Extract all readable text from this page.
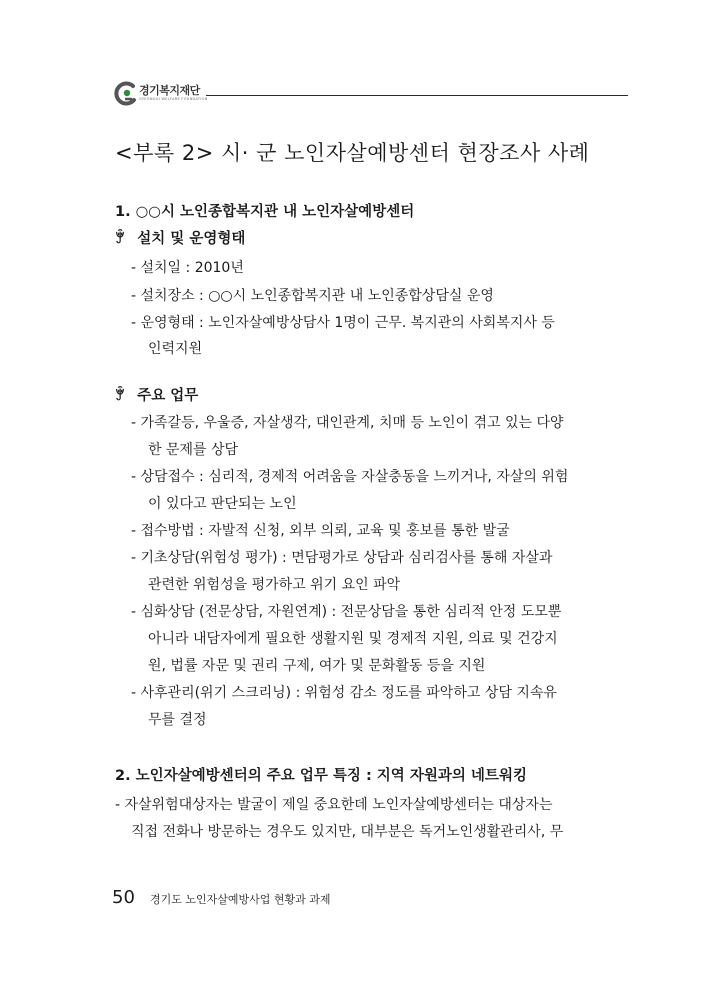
경기복지재단
GYEONGGI WELFARE FOUNDATION
<부록 2> 시· 군 노인자살예방센터 현장조사 사례
1. ○○시 노인종합복지관 내 노인자살예방센터
ꂕ 설치 및 운영형태
- 설치일 : 2010년
- 설치장소 : ○○시 노인종합복지관 내 노인종합상담실 운영
- 운영형태 : 노인자살예방상담사 1명이 근무. 복지관의 사회복지사 등
인력지원
ꂕ 주요 업무
- 가족갈등, 우울증, 자살생각, 대인관계, 치매 등 노인이 겪고 있는 다양
한 문제를 상담
- 상담접수 : 심리적, 경제적 어려움을 자살충동을 느끼거나, 자살의 위험
이 있다고 판단되는 노인
- 접수방법 : 자발적 신청, 외부 의뢰, 교육 및 홍보를 통한 발굴
- 기초상담(위험성 평가) : 면담평가로 상담과 심리검사를 통해 자살과
관련한 위험성을 평가하고 위기 요인 파악
- 심화상담 (전문상담, 자원연계) : 전문상담을 통한 심리적 안정 도모뿐
아니라 내담자에게 필요한 생활지원 및 경제적 지원, 의료 및 건강지
원, 법률 자문 및 권리 구제, 여가 및 문화활동 등을 지원
- 사후관리(위기 스크리닝) : 위험성 감소 정도를 파악하고 상담 지속유
무를 결정
2. 노인자살예방센터의 주요 업무 특징 : 지역 자원과의 네트워킹
- 자살위험대상자는 발굴이 제일 중요한데 노인자살예방센터는 대상자는
직접 전화나 방문하는 경우도 있지만, 대부분은 독거노인생활관리사, 무
50 경기도 노인자살예방사업 현황과 과제
